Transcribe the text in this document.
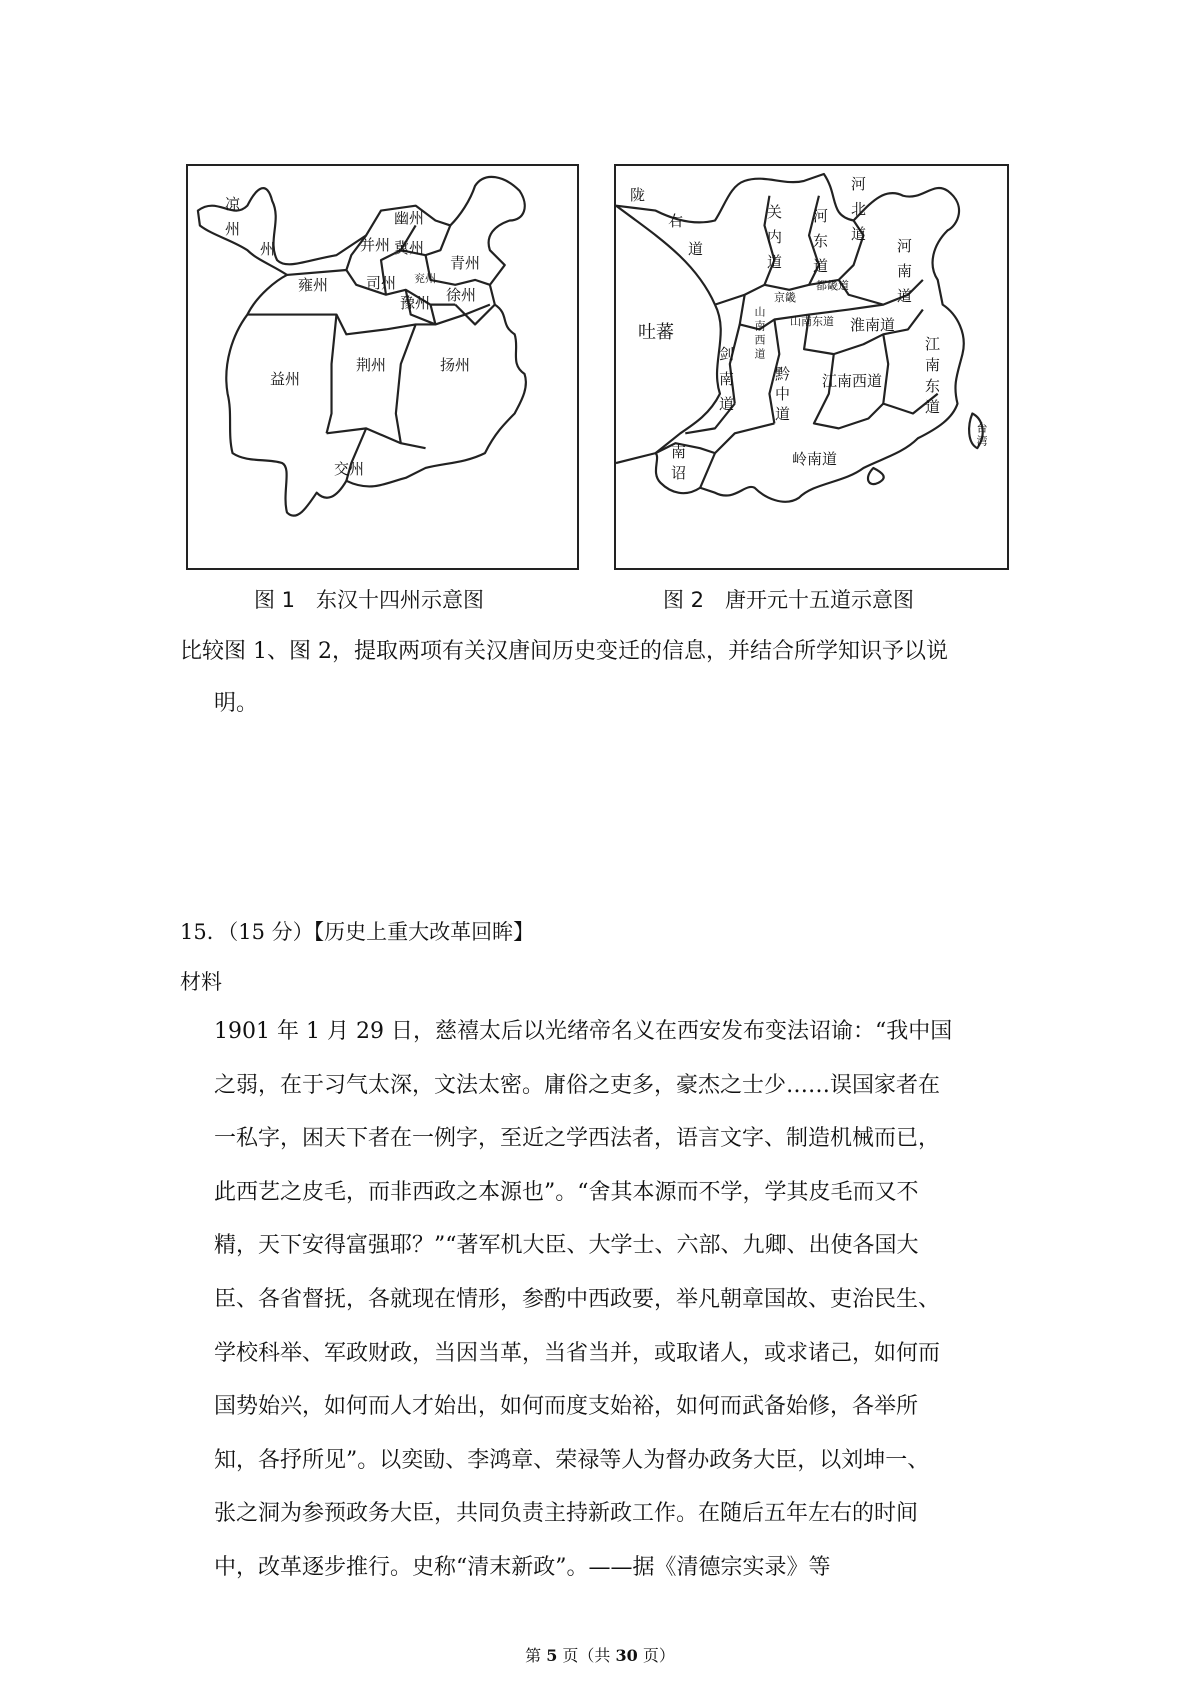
凉州
州
幽州
并州 冀州
青州
兖州
雍州	司州
豫州 徐州
益州
荆州	扬州
交州
陇
右
道	关内道 河东道 河北道
河南道
京畿
都畿道
山南西道 山南东道 淮南道
吐蕃
剑南道	黔中道 江南西道	江南东道
南诏	岭南道
台湾
图 1　东汉十四州示意图	图 2　唐开元十五道示意图
比较图 1、图 2，提取两项有关汉唐间历史变迁的信息，并结合所学知识予以说
明。
15．（15 分）【历史上重大改革回眸】
材料
1901 年 1 月 29 日，慈禧太后以光绪帝名义在西安发布变法诏谕：“我中国
之弱，在于习气太深，文法太密。庸俗之吏多，豪杰之士少……误国家者在
一私字，困天下者在一例字，至近之学西法者，语言文字、制造机械而已，
此西艺之皮毛，而非西政之本源也”。“舍其本源而不学，学其皮毛而又不
精，天下安得富强耶？”“著军机大臣、大学士、六部、九卿、出使各国大
臣、各省督抚，各就现在情形，参酌中西政要，举凡朝章国故、吏治民生、
学校科举、军政财政，当因当革，当省当并，或取诸人，或求诸己，如何而
国势始兴，如何而人才始出，如何而度支始裕，如何而武备始修，各举所
知，各抒所见”。以奕劻、李鸿章、荣禄等人为督办政务大臣，以刘坤一、
张之洞为参预政务大臣，共同负责主持新政工作。在随后五年左右的时间
中，改革逐步推行。史称“清末新政”。——据《清德宗实录》等
第 5 页（共 30 页）
